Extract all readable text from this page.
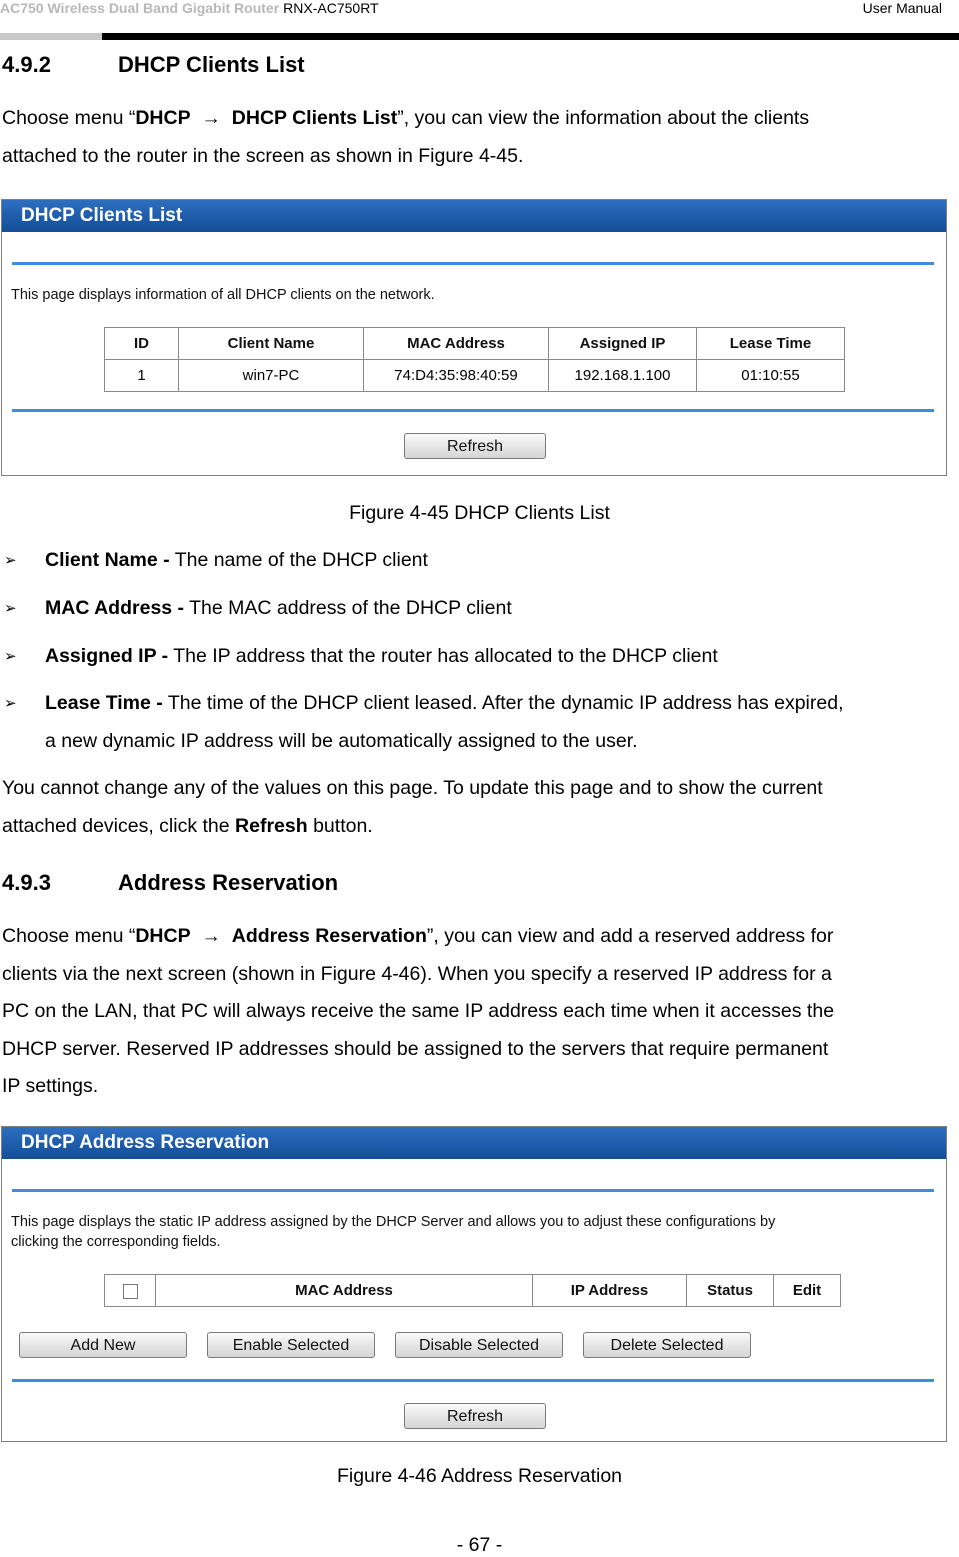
AC750 Wireless Dual Band Gigabit Router RNX-AC750RT	User Manual
4.9.2	DHCP Clients List
Choose menu “DHCP → DHCP Clients List”, you can view the information about the clients
attached to the router in the screen as shown in Figure 4-45.
DHCP Clients List
This page displays information of all DHCP clients on the network.
ID	Client Name	MAC Address	Assigned IP	Lease Time
1	win7-PC	74:D4:35:98:40:59	192.168.1.100	01:10:55
Refresh
Figure 4-45 DHCP Clients List
➢	Client Name - The name of the DHCP client
➢	MAC Address - The MAC address of the DHCP client
➢	Assigned IP - The IP address that the router has allocated to the DHCP client
➢	Lease Time - The time of the DHCP client leased. After the dynamic IP address has expired,
a new dynamic IP address will be automatically assigned to the user.
You cannot change any of the values on this page. To update this page and to show the current
attached devices, click the Refresh button.
4.9.3	Address Reservation
Choose menu “DHCP → Address Reservation”, you can view and add a reserved address for
clients via the next screen (shown in Figure 4-46). When you specify a reserved IP address for a
PC on the LAN, that PC will always receive the same IP address each time when it accesses the
DHCP server. Reserved IP addresses should be assigned to the servers that require permanent
IP settings.
DHCP Address Reservation
This page displays the static IP address assigned by the DHCP Server and allows you to adjust these configurations by
clicking the corresponding fields.
	MAC Address	IP Address	Status	Edit
Add New	Enable Selected	Disable Selected	Delete Selected
Refresh
Figure 4-46 Address Reservation
- 67 -
